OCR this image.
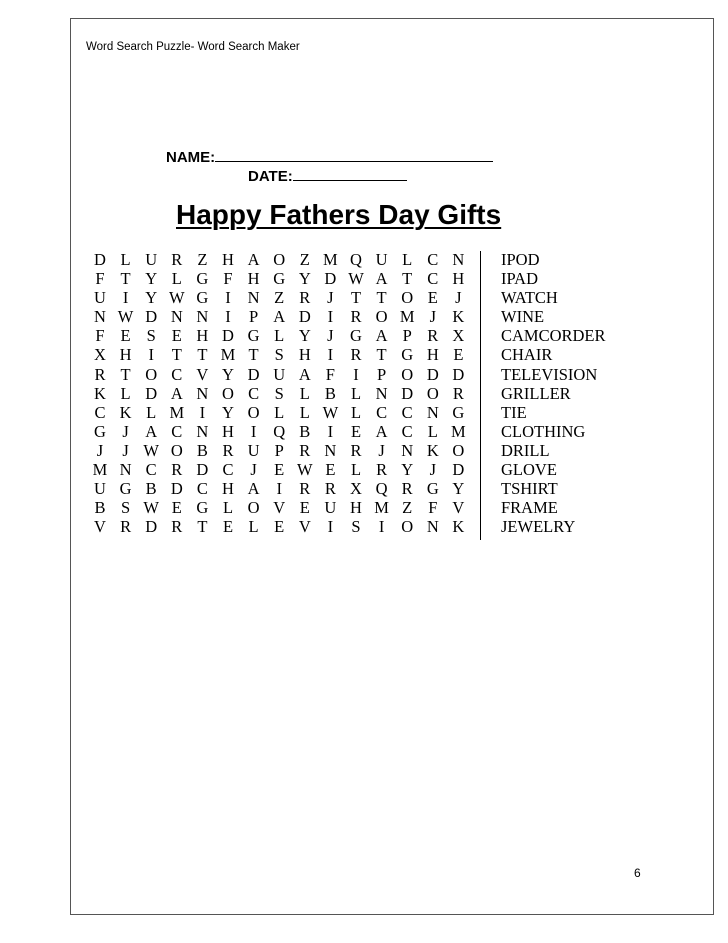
Word Search Puzzle- Word Search Maker
NAME:
DATE:
Happy Fathers Day Gifts
D L U R Z H A O Z M Q U L C N
F T Y L G F H G Y D W A T C H
U	I	Y W G	I	N Z R	J	T T O E	J
N W D N N	I	P A D	I	R O M J K
F E S E H D G L Y J G A P R X
X H	I	T T M T S H	I	R T G H E
R T O C V Y D U A F	I	P O D D
K L D A N O C S L B L N D O R
C K L M I	Y O L L W L C C N G
G J A C N H	I	Q B	I	E A C L M
J	J W O B R U P R N R	J N K O
M N C R D C	J	E W E L R Y J D
U G B D C H A	I	R R X Q R G Y
B S W E G L O V E U H M Z F V
V R D R T E L E V	I	S	I	O N K
IPOD
IPAD
WATCH
WINE
CAMCORDER
CHAIR
TELEVISION
GRILLER
TIE
CLOTHING
DRILL
GLOVE
TSHIRT
FRAME
JEWELRY
6
